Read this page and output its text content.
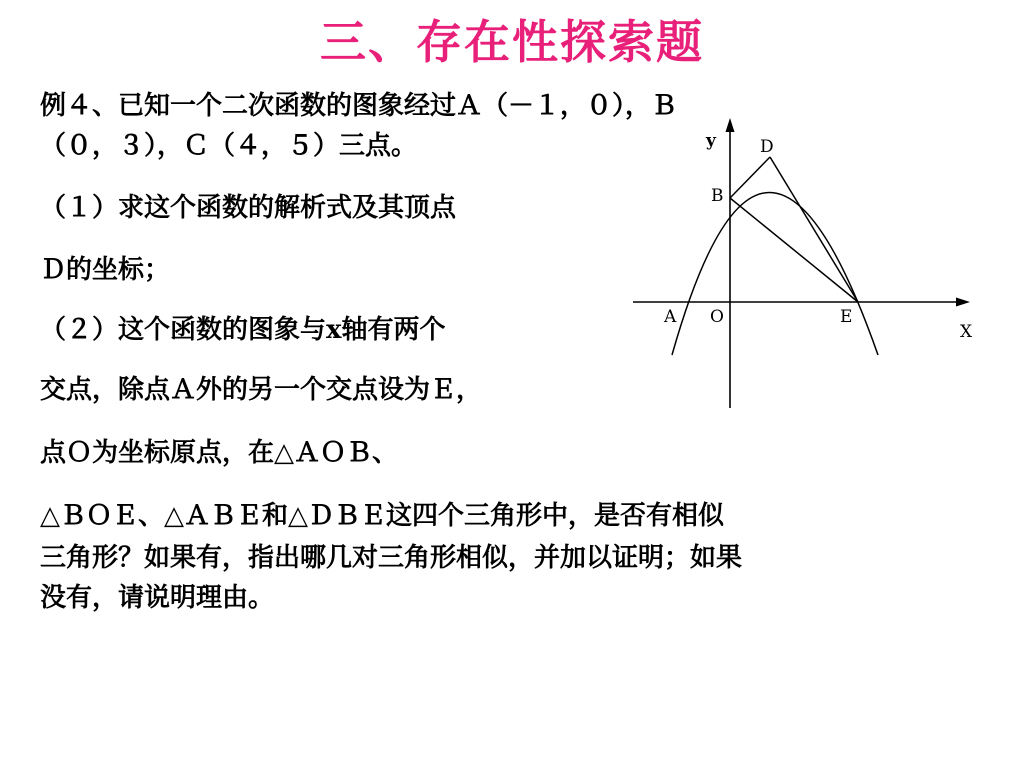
三、存在性探索题
例４、已知一个二次函数的图象经过Ａ（－１，０），Ｂ
（０，３），Ｃ（４，５）三点。
（１）求这个函数的解析式及其顶点
Ｄ的坐标；
（２）这个函数的图象与x轴有两个
交点，除点Ａ外的另一个交点设为Ｅ，
点Ｏ为坐标原点，在△ＡＯＢ、
△ＢＯＥ、△ＡＢＥ和△ＤＢＥ这四个三角形中，是否有相似
三角形？如果有，指出哪几对三角形相似，并加以证明；如果
没有，请说明理由。
y	D
B
A O	E
X
